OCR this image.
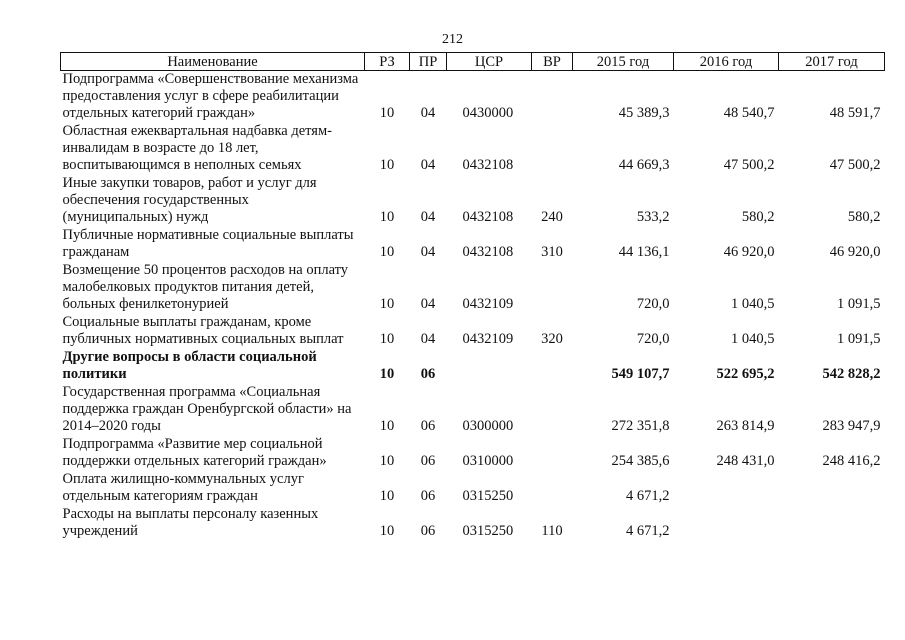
212
Наименование	РЗ	ПР	ЦСР	ВР	2015 год	2016 год	2017 год
Подпрограмма «Совершенствование механизма предоставления услуг в сфере реабилитации отдельных категорий граждан»	10	04	0430000		45 389,3	48 540,7	48 591,7
Областная ежеквартальная надбавка детям-инвалидам в возрасте до 18 лет, воспитывающимся в неполных семьях	10	04	0432108		44 669,3	47 500,2	47 500,2
Иные закупки товаров, работ и услуг для обеспечения государственных (муниципальных) нужд	10	04	0432108	240	533,2	580,2	580,2
Публичные нормативные социальные выплаты гражданам	10	04	0432108	310	44 136,1	46 920,0	46 920,0
Возмещение 50 процентов расходов на оплату малобелковых продуктов питания детей, больных фенилкетонурией	10	04	0432109		720,0	1 040,5	1 091,5
Социальные выплаты гражданам, кроме публичных нормативных социальных выплат	10	04	0432109	320	720,0	1 040,5	1 091,5
Другие вопросы в области социальной политики	10	06			549 107,7	522 695,2	542 828,2
Государственная программа «Социальная поддержка граждан Оренбургской области» на 2014–2020 годы	10	06	0300000		272 351,8	263 814,9	283 947,9
Подпрограмма «Развитие мер социальной поддержки отдельных категорий граждан»	10	06	0310000		254 385,6	248 431,0	248 416,2
Оплата жилищно-коммунальных услуг отдельным категориям граждан	10	06	0315250		4 671,2		
Расходы на выплаты персоналу казенных учреждений	10	06	0315250	110	4 671,2		
